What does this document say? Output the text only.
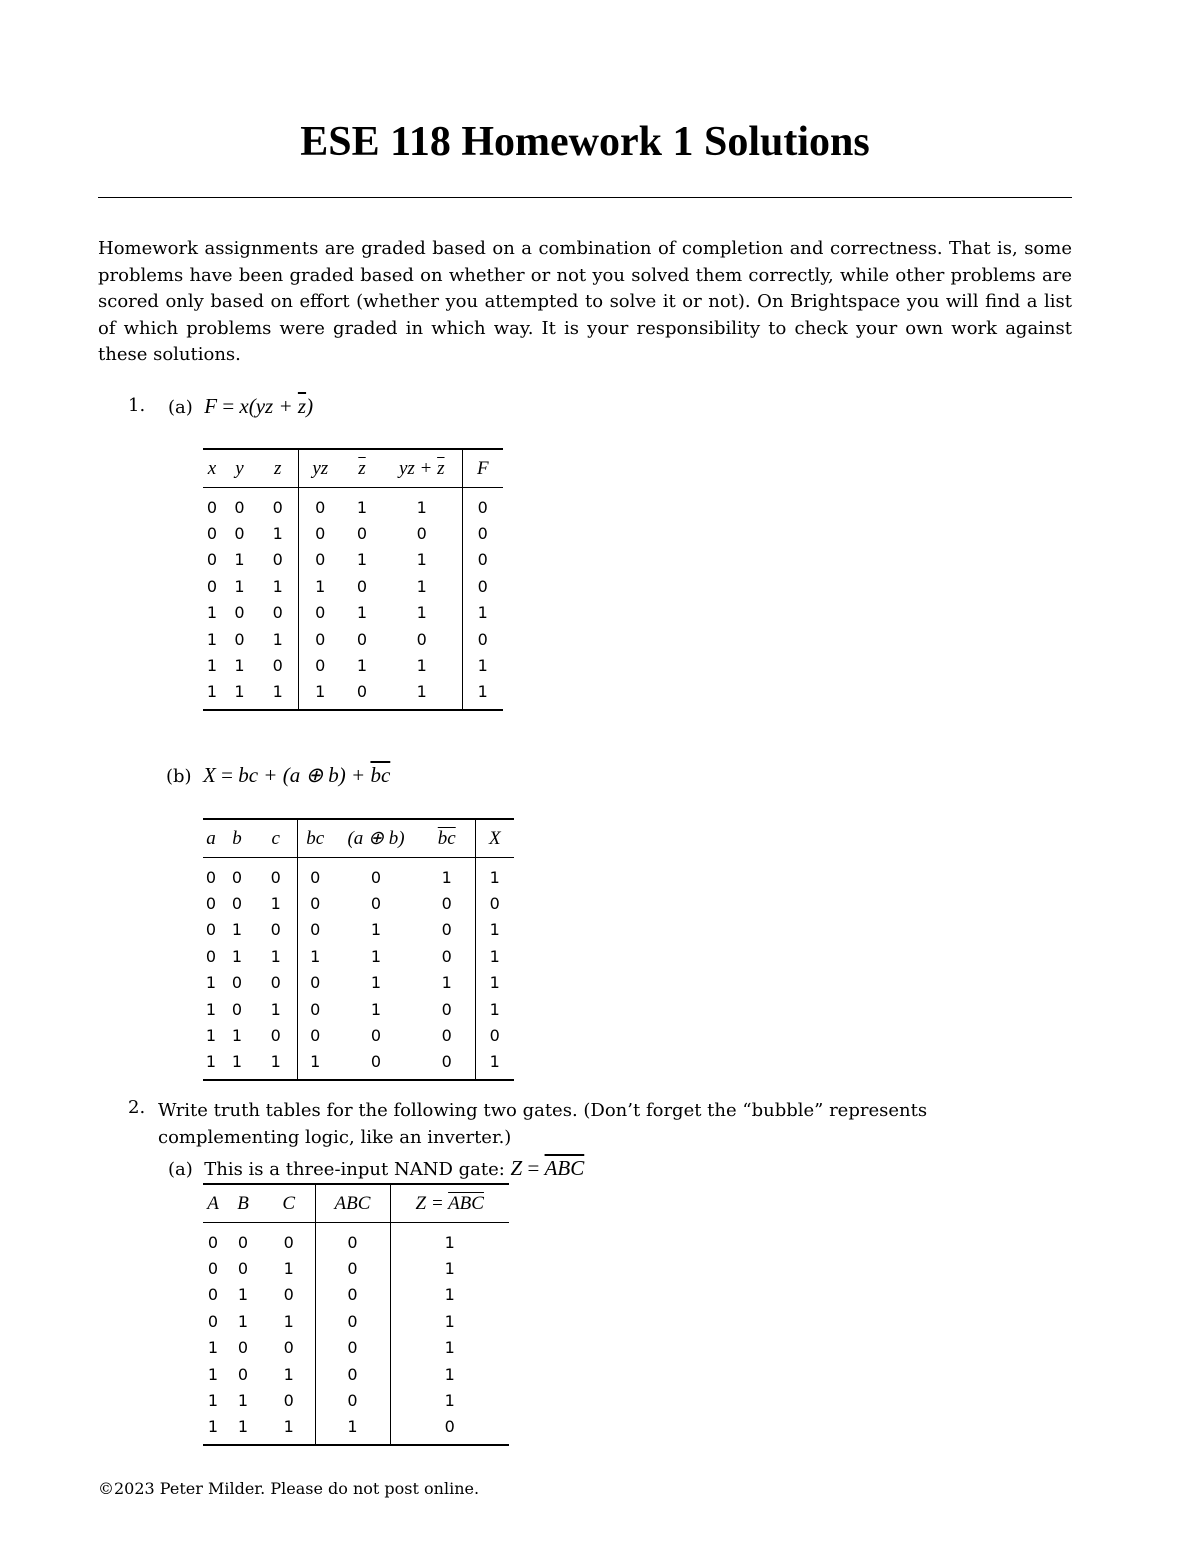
ESE 118 Homework 1 Solutions

Homework assignments are graded based on a combination of completion and correctness. That is, some problems have been graded based on whether or not you solved them correctly, while other problems are scored only based on effort (whether you attempted to solve it or not). On Brightspace you will find a list of which problems were graded in which way. It is your responsibility to check your own work against these solutions.

1. (a) $F = x(yz + \overline{z})$
x	y	z	yz	$\overline{z}$	yz + $\overline{z}$	F
0	0	0	0	1	1	0
0	0	1	0	0	0	0
0	1	0	0	1	1	0
0	1	1	1	0	1	0
1	0	0	0	1	1	1
1	0	1	0	0	0	0
1	1	0	0	1	1	1
1	1	1	1	0	1	1
(b) X = bc + (a ⊕ $b) + \overline{bc}$
a	b	c	bc	(a ⊕ b)	$\overline{bc}$	X
0	0	0	0	0	1	1
0	0	1	0	0	0	0
0	1	0	0	1	0	1
0	1	1	1	1	0	1
1	0	0	0	1	1	1
1	0	1	0	1	0	1
1	1	0	0	0	0	0
1	1	1	1	0	0	1
2. Write truth tables for the following two gates. (Don’t forget the “bubble” represents complementing logic, like an inverter.)
(a) This is a three-input NAND gate: $Z = \overline{ABC}$
A	B	C	ABC	$Z = \overline{ABC}$
0	0	0	0	1
0	0	1	0	1
0	1	0	0	1
0	1	1	0	1
1	0	0	0	1
1	0	1	0	1
1	1	0	0	1
1	1	1	1	0
©2023 Peter Milder. Please do not post online.
